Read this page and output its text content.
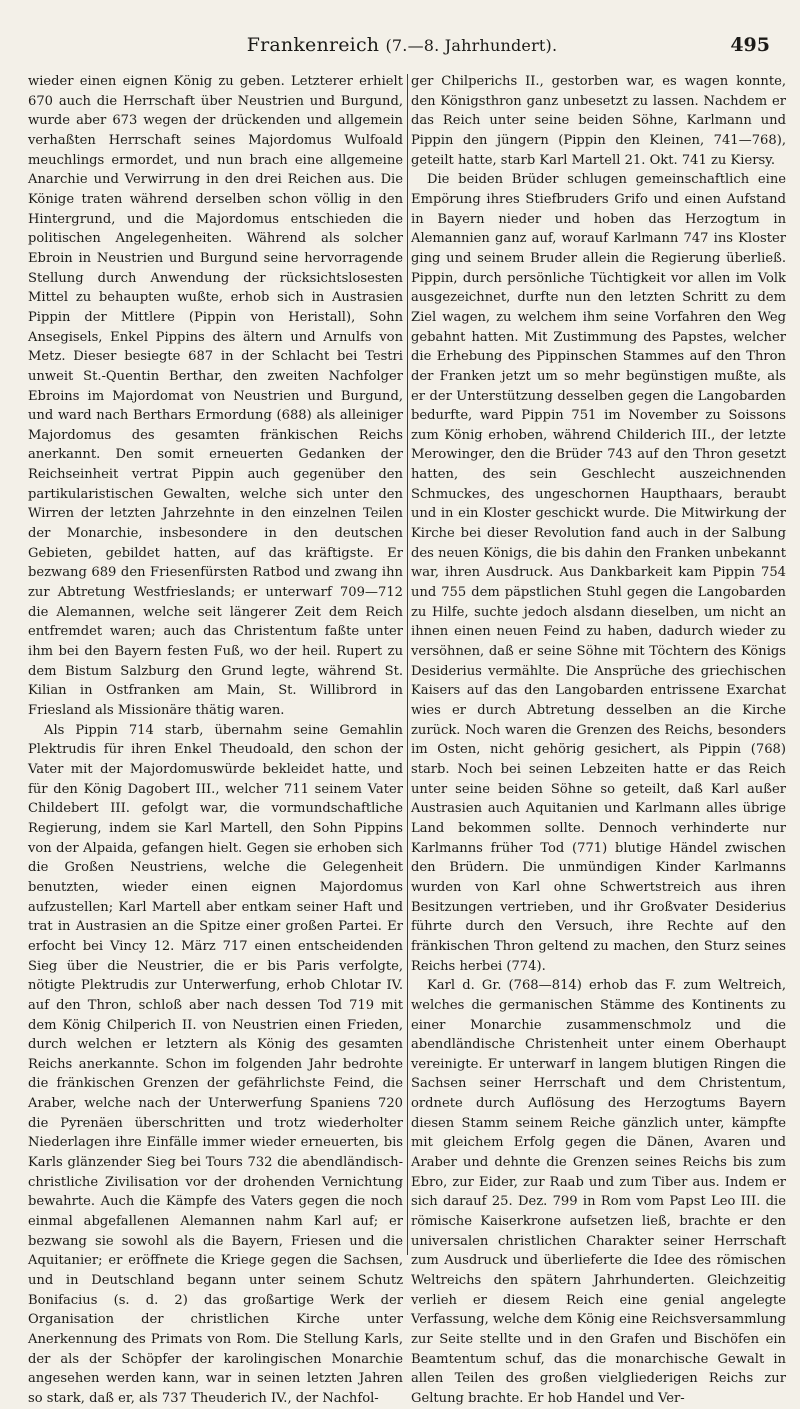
Frankenreich (7.—8. Jahrhundert).	495

wieder einen eignen König zu geben. Letzterer erhielt 670 auch die Herrschaft über Neustrien und Burgund, wurde aber 673 wegen der drückenden und allgemein verhaßten Herrschaft seines Majordomus Wulfoald meuchlings ermordet, und nun brach eine allgemeine Anarchie und Verwirrung in den drei Reichen aus. Die Könige traten während derselben schon völlig in den Hintergrund, und die Majordomus entschieden die politischen Angelegenheiten. Während als solcher Ebroin in Neustrien und Burgund seine hervorragende Stellung durch Anwendung der rücksichtslosesten Mittel zu behaupten wußte, erhob sich in Austrasien Pippin der Mittlere (Pippin von Heristall), Sohn Ansegisels, Enkel Pippins des ältern und Arnulfs von Metz. Dieser besiegte 687 in der Schlacht bei Testri unweit St.-Quentin Berthar, den zweiten Nachfolger Ebroins im Majordomat von Neustrien und Burgund, und ward nach Berthars Ermordung (688) als alleiniger Majordomus des gesamten fränkischen Reichs anerkannt. Den somit erneuerten Gedanken der Reichseinheit vertrat Pippin auch gegenüber den partikularistischen Gewalten, welche sich unter den Wirren der letzten Jahrzehnte in den einzelnen Teilen der Monarchie, insbesondere in den deutschen Gebieten, gebildet hatten, auf das kräftigste. Er bezwang 689 den Friesenfürsten Ratbod und zwang ihn zur Abtretung Westfrieslands; er unterwarf 709—712 die Alemannen, welche seit längerer Zeit dem Reich entfremdet waren; auch das Christentum faßte unter ihm bei den Bayern festen Fuß, wo der heil. Rupert zu dem Bistum Salzburg den Grund legte, während St. Kilian in Ostfranken am Main, St. Willibrord in Friesland als Missionäre thätig waren.

Als Pippin 714 starb, übernahm seine Gemahlin Plektrudis für ihren Enkel Theudoald, den schon der Vater mit der Majordomuswürde bekleidet hatte, und für den König Dagobert III., welcher 711 seinem Vater Childebert III. gefolgt war, die vormundschaftliche Regierung, indem sie Karl Martell, den Sohn Pippins von der Alpaida, gefangen hielt. Gegen sie erhoben sich die Großen Neustriens, welche die Gelegenheit benutzten, wieder einen eignen Majordomus aufzustellen; Karl Martell aber entkam seiner Haft und trat in Austrasien an die Spitze einer großen Partei. Er erfocht bei Vincy 12. März 717 einen entscheidenden Sieg über die Neustrier, die er bis Paris verfolgte, nötigte Plektrudis zur Unterwerfung, erhob Chlotar IV. auf den Thron, schloß aber nach dessen Tod 719 mit dem König Chilperich II. von Neustrien einen Frieden, durch welchen er letztern als König des gesamten Reichs anerkannte. Schon im folgenden Jahr bedrohte die fränkischen Grenzen der gefährlichste Feind, die Araber, welche nach der Unterwerfung Spaniens 720 die Pyrenäen überschritten und trotz wiederholter Niederlagen ihre Einfälle immer wieder erneuerten, bis Karls glänzender Sieg bei Tours 732 die abendländisch-christliche Zivilisation vor der drohenden Vernichtung bewahrte. Auch die Kämpfe des Vaters gegen die noch einmal abgefallenen Alemannen nahm Karl auf; er bezwang sie sowohl als die Bayern, Friesen und die Aquitanier; er eröffnete die Kriege gegen die Sachsen, und in Deutschland begann unter seinem Schutz Bonifacius (s. d. 2) das großartige Werk der Organisation der christlichen Kirche unter Anerkennung des Primats von Rom. Die Stellung Karls, der als der Schöpfer der karolingischen Monarchie angesehen werden kann, war in seinen letzten Jahren so stark, daß er, als 737 Theuderich IV., der Nachfol-

ger Chilperichs II., gestorben war, es wagen konnte, den Königsthron ganz unbesetzt zu lassen. Nachdem er das Reich unter seine beiden Söhne, Karlmann und Pippin den jüngern (Pippin den Kleinen, 741—768), geteilt hatte, starb Karl Martell 21. Okt. 741 zu Kiersy.

Die beiden Brüder schlugen gemeinschaftlich eine Empörung ihres Stiefbruders Grifo und einen Aufstand in Bayern nieder und hoben das Herzogtum in Alemannien ganz auf, worauf Karlmann 747 ins Kloster ging und seinem Bruder allein die Regierung überließ. Pippin, durch persönliche Tüchtigkeit vor allen im Volk ausgezeichnet, durfte nun den letzten Schritt zu dem Ziel wagen, zu welchem ihm seine Vorfahren den Weg gebahnt hatten. Mit Zustimmung des Papstes, welcher die Erhebung des Pippinschen Stammes auf den Thron der Franken jetzt um so mehr begünstigen mußte, als er der Unterstützung desselben gegen die Langobarden bedurfte, ward Pippin 751 im November zu Soissons zum König erhoben, während Childerich III., der letzte Merowinger, den die Brüder 743 auf den Thron gesetzt hatten, des sein Geschlecht auszeichnenden Schmuckes, des ungeschornen Haupthaars, beraubt und in ein Kloster geschickt wurde. Die Mitwirkung der Kirche bei dieser Revolution fand auch in der Salbung des neuen Königs, die bis dahin den Franken unbekannt war, ihren Ausdruck. Aus Dankbarkeit kam Pippin 754 und 755 dem päpstlichen Stuhl gegen die Langobarden zu Hilfe, suchte jedoch alsdann dieselben, um nicht an ihnen einen neuen Feind zu haben, dadurch wieder zu versöhnen, daß er seine Söhne mit Töchtern des Königs Desiderius vermählte. Die Ansprüche des griechischen Kaisers auf das den Langobarden entrissene Exarchat wies er durch Abtretung desselben an die Kirche zurück. Noch waren die Grenzen des Reichs, besonders im Osten, nicht gehörig gesichert, als Pippin (768) starb. Noch bei seinen Lebzeiten hatte er das Reich unter seine beiden Söhne so geteilt, daß Karl außer Austrasien auch Aquitanien und Karlmann alles übrige Land bekommen sollte. Dennoch verhinderte nur Karlmanns früher Tod (771) blutige Händel zwischen den Brüdern. Die unmündigen Kinder Karlmanns wurden von Karl ohne Schwertstreich aus ihren Besitzungen vertrieben, und ihr Großvater Desiderius führte durch den Versuch, ihre Rechte auf den fränkischen Thron geltend zu machen, den Sturz seines Reichs herbei (774).

Karl d. Gr. (768—814) erhob das F. zum Weltreich, welches die germanischen Stämme des Kontinents zu einer Monarchie zusammenschmolz und die abendländische Christenheit unter einem Oberhaupt vereinigte. Er unterwarf in langem blutigen Ringen die Sachsen seiner Herrschaft und dem Christentum, ordnete durch Auflösung des Herzogtums Bayern diesen Stamm seinem Reiche gänzlich unter, kämpfte mit gleichem Erfolg gegen die Dänen, Avaren und Araber und dehnte die Grenzen seines Reichs bis zum Ebro, zur Eider, zur Raab und zum Tiber aus. Indem er sich darauf 25. Dez. 799 in Rom vom Papst Leo III. die römische Kaiserkrone aufsetzen ließ, brachte er den universalen christlichen Charakter seiner Herrschaft zum Ausdruck und überlieferte die Idee des römischen Weltreichs den spätern Jahrhunderten. Gleichzeitig verlieh er diesem Reich eine genial angelegte Verfassung, welche dem König eine Reichsversammlung zur Seite stellte und in den Grafen und Bischöfen ein Beamtentum schuf, das die monarchische Gewalt in allen Teilen des großen vielgliederigen Reichs zur Geltung brachte. Er hob Handel und Ver-
